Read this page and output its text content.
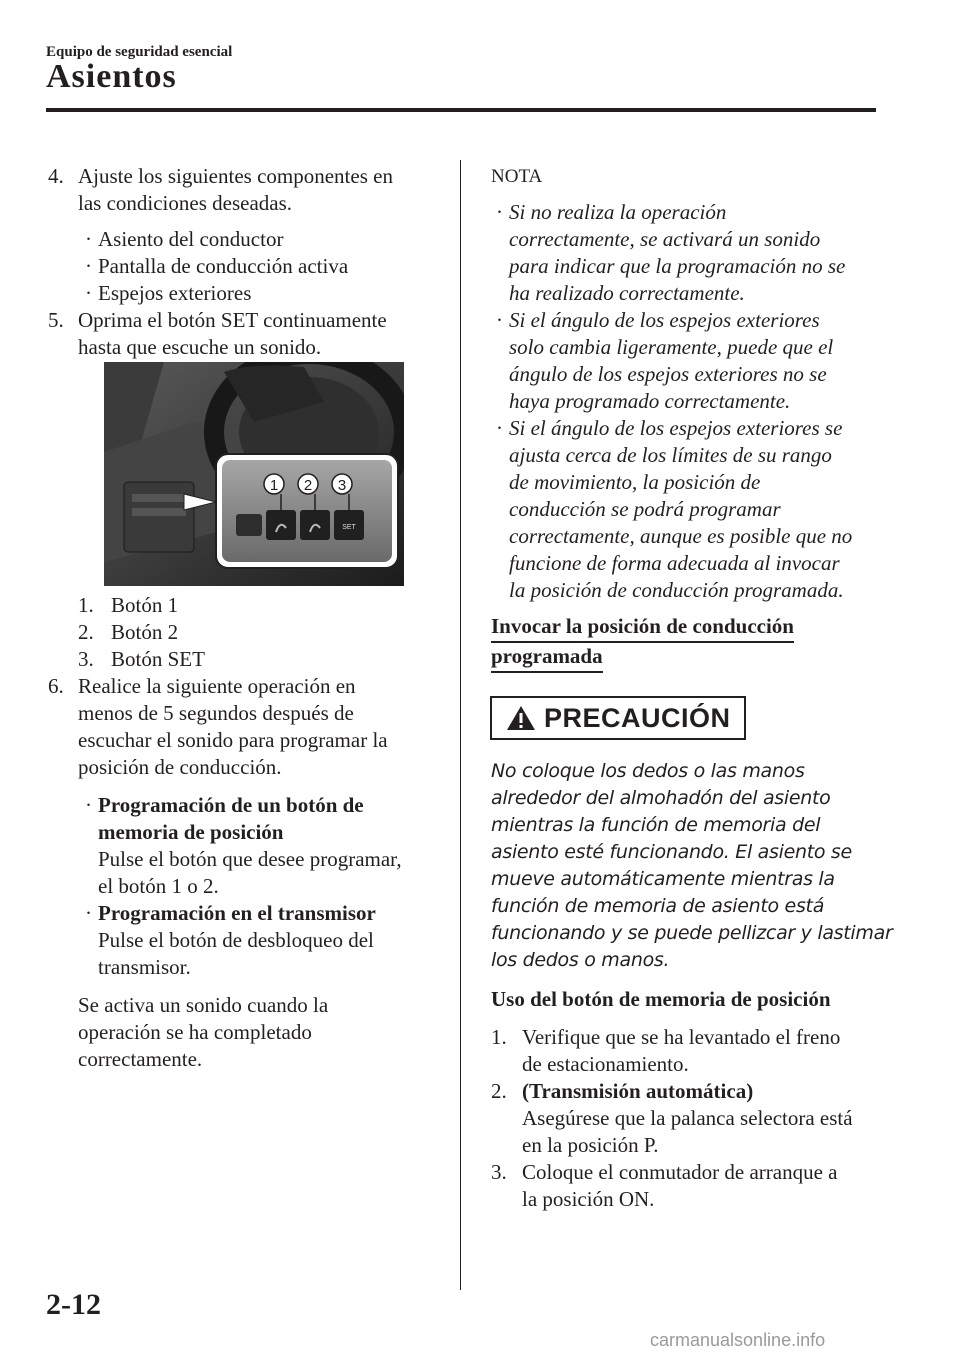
Equipo de seguridad esencial
Asientos
4. Ajuste los siguientes componentes en
las condiciones deseadas.
· Asiento del conductor
· Pantalla de conducción activa
· Espejos exteriores
5. Oprima el botón SET continuamente
hasta que escuche un sonido.
1 2 3
SET
1. Botón 1
2. Botón 2
3. Botón SET
6. Realice la siguiente operación en
menos de 5 segundos después de
escuchar el sonido para programar la
posición de conducción.
· Programación de un botón de
memoria de posición
Pulse el botón que desee programar,
el botón 1 o 2.
· Programación en el transmisor
Pulse el botón de desbloqueo del
transmisor.
Se activa un sonido cuando la
operación se ha completado
correctamente.
NOTA
· Si no realiza la operación
correctamente, se activará un sonido
para indicar que la programación no se
ha realizado correctamente.
· Si el ángulo de los espejos exteriores
solo cambia ligeramente, puede que el
ángulo de los espejos exteriores no se
haya programado correctamente.
· Si el ángulo de los espejos exteriores se
ajusta cerca de los límites de su rango
de movimiento, la posición de
conducción se podrá programar
correctamente, aunque es posible que no
funcione de forma adecuada al invocar
la posición de conducción programada.
Invocar la posición de conducción
programada
PRECAUCIÓN
No coloque los dedos o las manos
alrededor del almohadón del asiento
mientras la función de memoria del
asiento esté funcionando. El asiento se
mueve automáticamente mientras la
función de memoria de asiento está
funcionando y se puede pellizcar y lastimar
los dedos o manos.
Uso del botón de memoria de posición
1. Verifique que se ha levantado el freno
de estacionamiento.
2. (Transmisión automática)
Asegúrese que la palanca selectora está
en la posición P.
3. Coloque el conmutador de arranque a
la posición ON.
2-12
carmanualsonline.info
